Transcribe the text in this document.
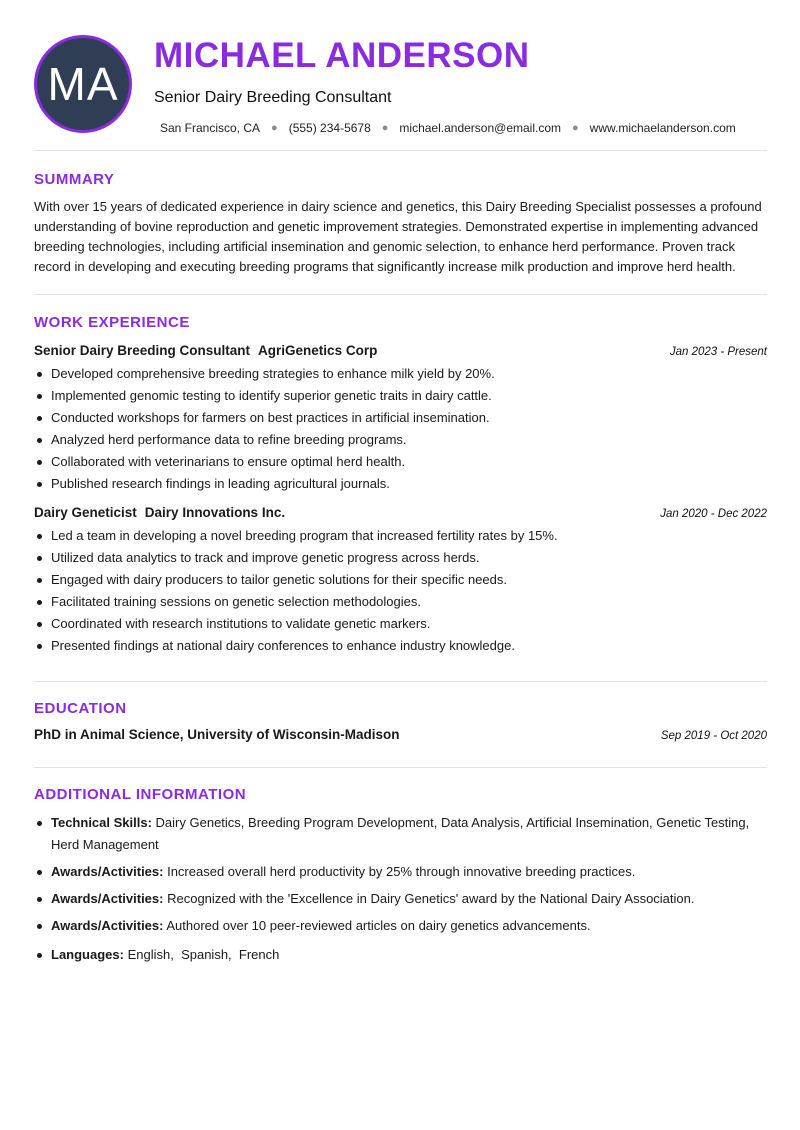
MA
MICHAEL ANDERSON
Senior Dairy Breeding Consultant
San Francisco, CA ● (555) 234-5678 ● michael.anderson@email.com ● www.michaelanderson.com
SUMMARY
With over 15 years of dedicated experience in dairy science and genetics, this Dairy Breeding Specialist possesses a profound understanding of bovine reproduction and genetic improvement strategies. Demonstrated expertise in implementing advanced breeding technologies, including artificial insemination and genomic selection, to enhance herd performance. Proven track record in developing and executing breeding programs that significantly increase milk production and improve herd health.
WORK EXPERIENCE
Senior Dairy Breeding Consultant AgriGenetics Corp	Jan 2023 - Present
Developed comprehensive breeding strategies to enhance milk yield by 20%.
Implemented genomic testing to identify superior genetic traits in dairy cattle.
Conducted workshops for farmers on best practices in artificial insemination.
Analyzed herd performance data to refine breeding programs.
Collaborated with veterinarians to ensure optimal herd health.
Published research findings in leading agricultural journals.
Dairy Geneticist Dairy Innovations Inc.	Jan 2020 - Dec 2022
Led a team in developing a novel breeding program that increased fertility rates by 15%.
Utilized data analytics to track and improve genetic progress across herds.
Engaged with dairy producers to tailor genetic solutions for their specific needs.
Facilitated training sessions on genetic selection methodologies.
Coordinated with research institutions to validate genetic markers.
Presented findings at national dairy conferences to enhance industry knowledge.
EDUCATION
PhD in Animal Science, University of Wisconsin-Madison	Sep 2019 - Oct 2020
ADDITIONAL INFORMATION
Technical Skills: Dairy Genetics, Breeding Program Development, Data Analysis, Artificial Insemination, Genetic Testing, Herd Management
Awards/Activities: Increased overall herd productivity by 25% through innovative breeding practices.
Awards/Activities: Recognized with the 'Excellence in Dairy Genetics' award by the National Dairy Association.
Awards/Activities: Authored over 10 peer-reviewed articles on dairy genetics advancements.
Languages: English,  Spanish,  French
